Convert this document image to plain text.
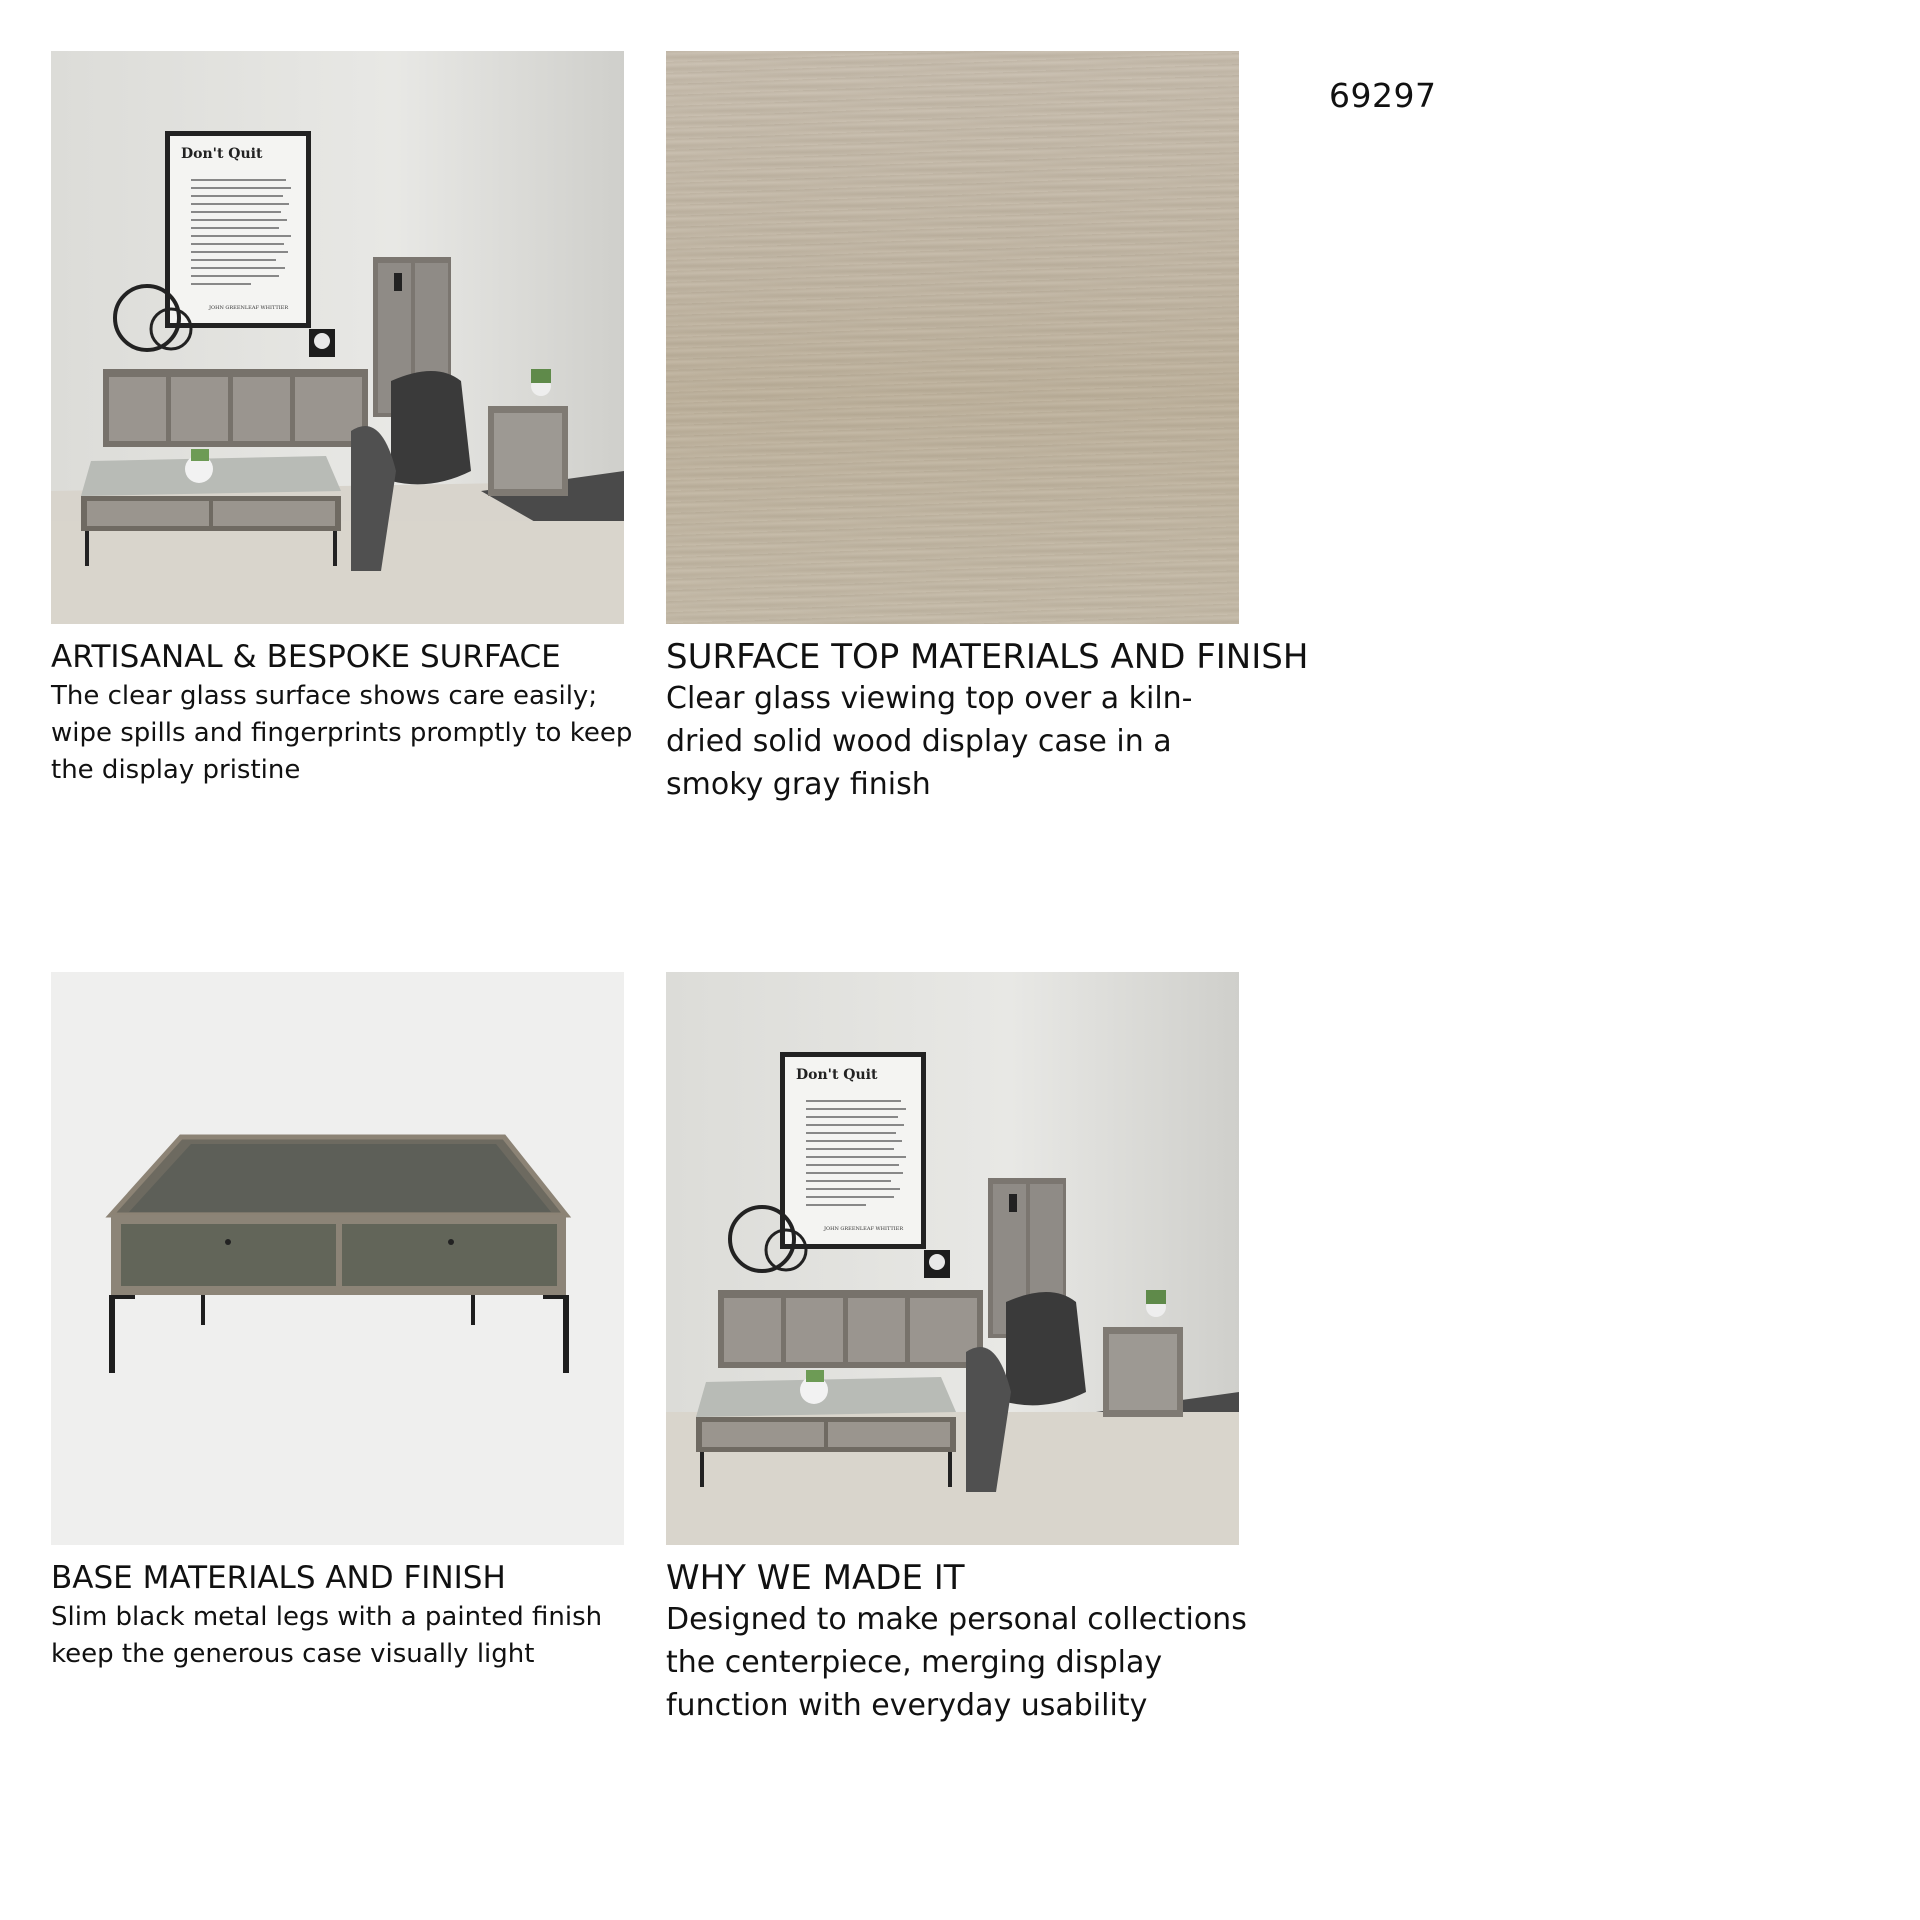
69297
Don't Quit
JOHN GREENLEAF WHITTIER
ARTISANAL & BESPOKE SURFACE
The clear glass surface shows care easily; wipe spills and fingerprints promptly to keep the display pristine
SURFACE TOP MATERIALS AND FINISH
Clear glass viewing top over a kiln-dried solid wood display case in a smoky gray finish
BASE MATERIALS AND FINISH
Slim black metal legs with a painted finish keep the generous case visually light
Don't Quit
JOHN GREENLEAF WHITTIER
WHY WE MADE IT
Designed to make personal collections the centerpiece, merging display function with everyday usability
